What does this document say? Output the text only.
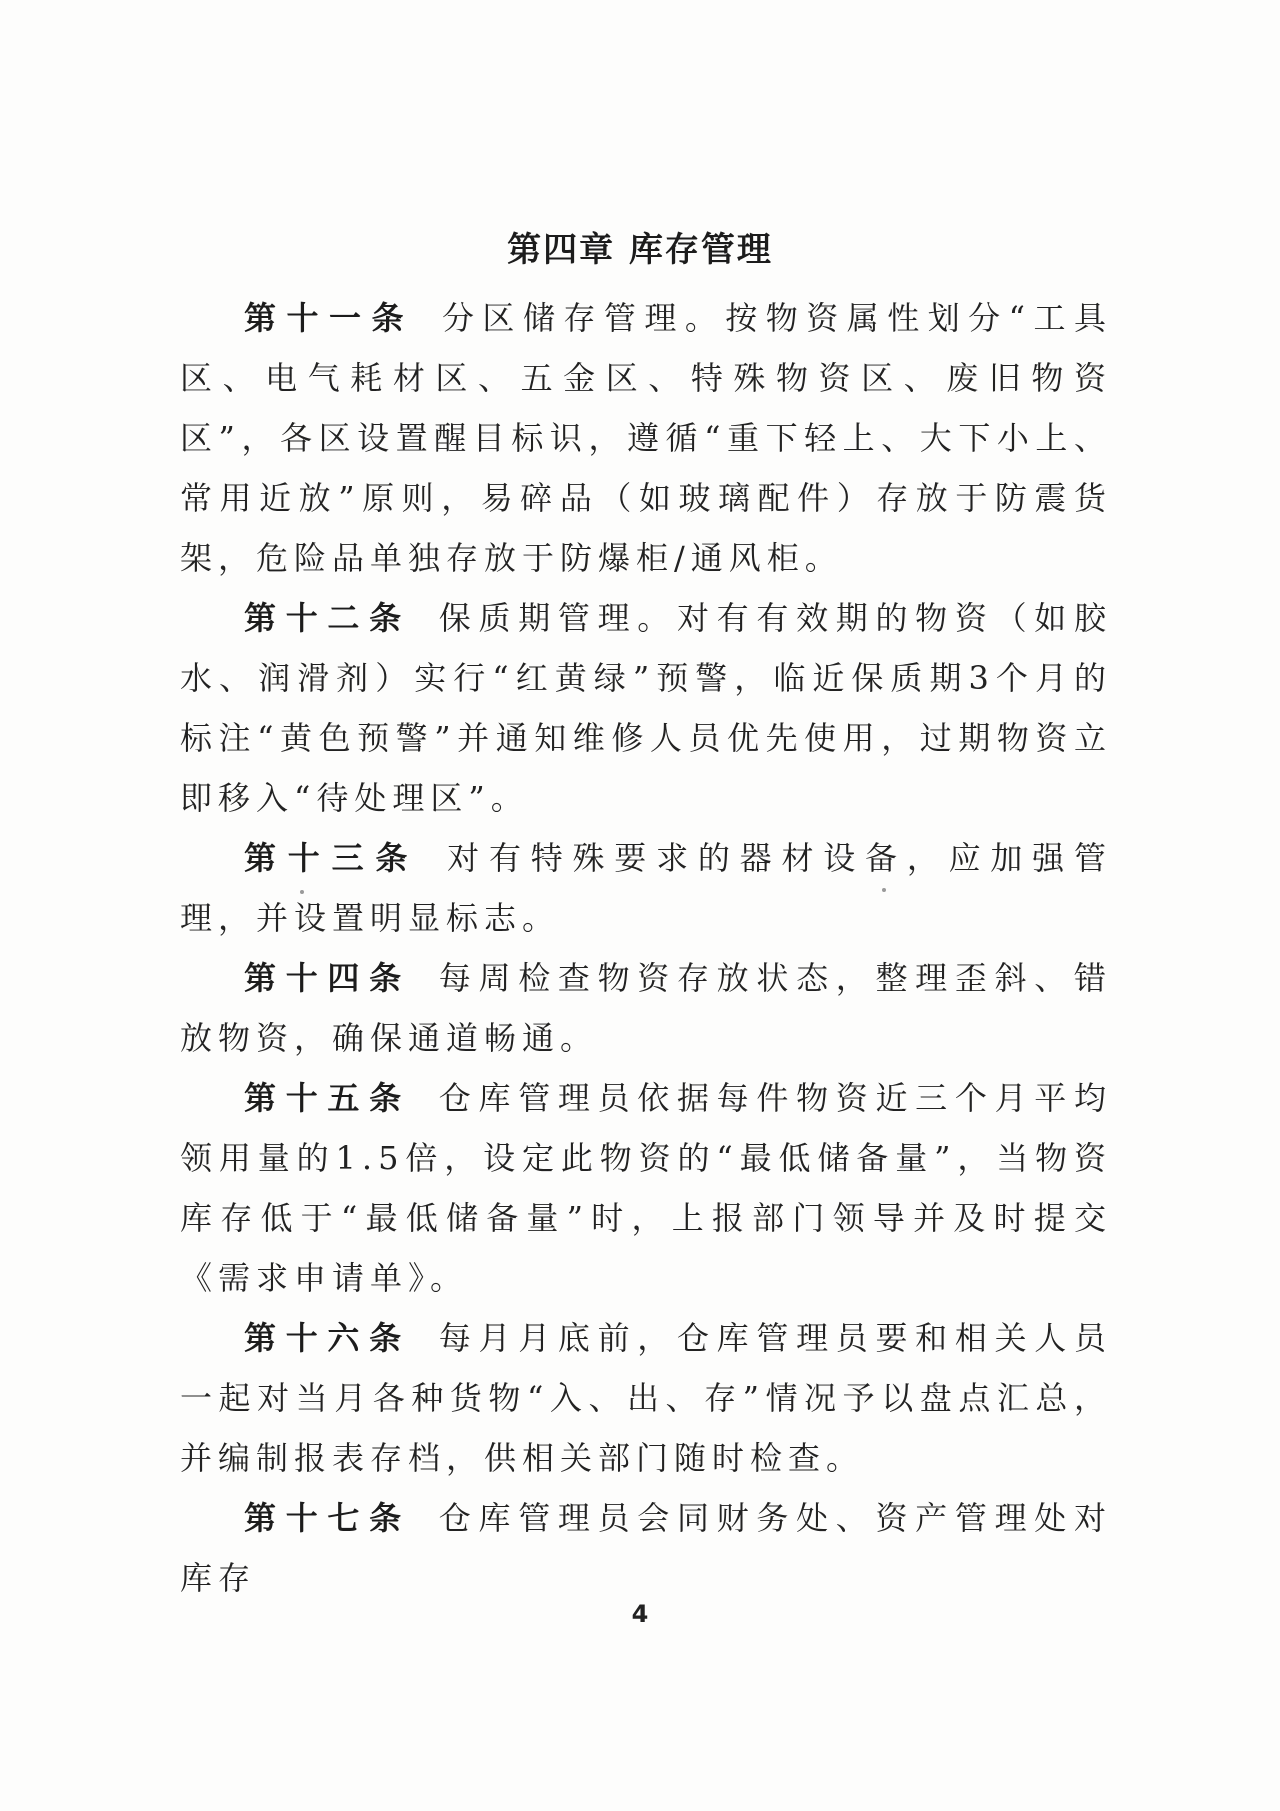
第四章 库存管理

第十一条 分区储存管理。按物资属性划分“工具区、电气耗材区、五金区、特殊物资区、废旧物资区”，各区设置醒目标识，遵循“重下轻上、大下小上、常用近放”原则，易碎品（如玻璃配件）存放于防震货架，危险品单独存放于防爆柜/通风柜。

第十二条 保质期管理。对有有效期的物资（如胶水、润滑剂）实行“红黄绿”预警，临近保质期3个月的标注“黄色预警”并通知维修人员优先使用，过期物资立即移入“待处理区”。

第十三条 对有特殊要求的器材设备，应加强管理，并设置明显标志。

第十四条 每周检查物资存放状态，整理歪斜、错放物资，确保通道畅通。

第十五条 仓库管理员依据每件物资近三个月平均领用量的1.5倍，设定此物资的“最低储备量”，当物资库存低于“最低储备量”时，上报部门领导并及时提交《需求申请单》。

第十六条 每月月底前，仓库管理员要和相关人员一起对当月各种货物“入、出、存”情况予以盘点汇总，并编制报表存档，供相关部门随时检查。

第十七条 仓库管理员会同财务处、资产管理处对库存

4
